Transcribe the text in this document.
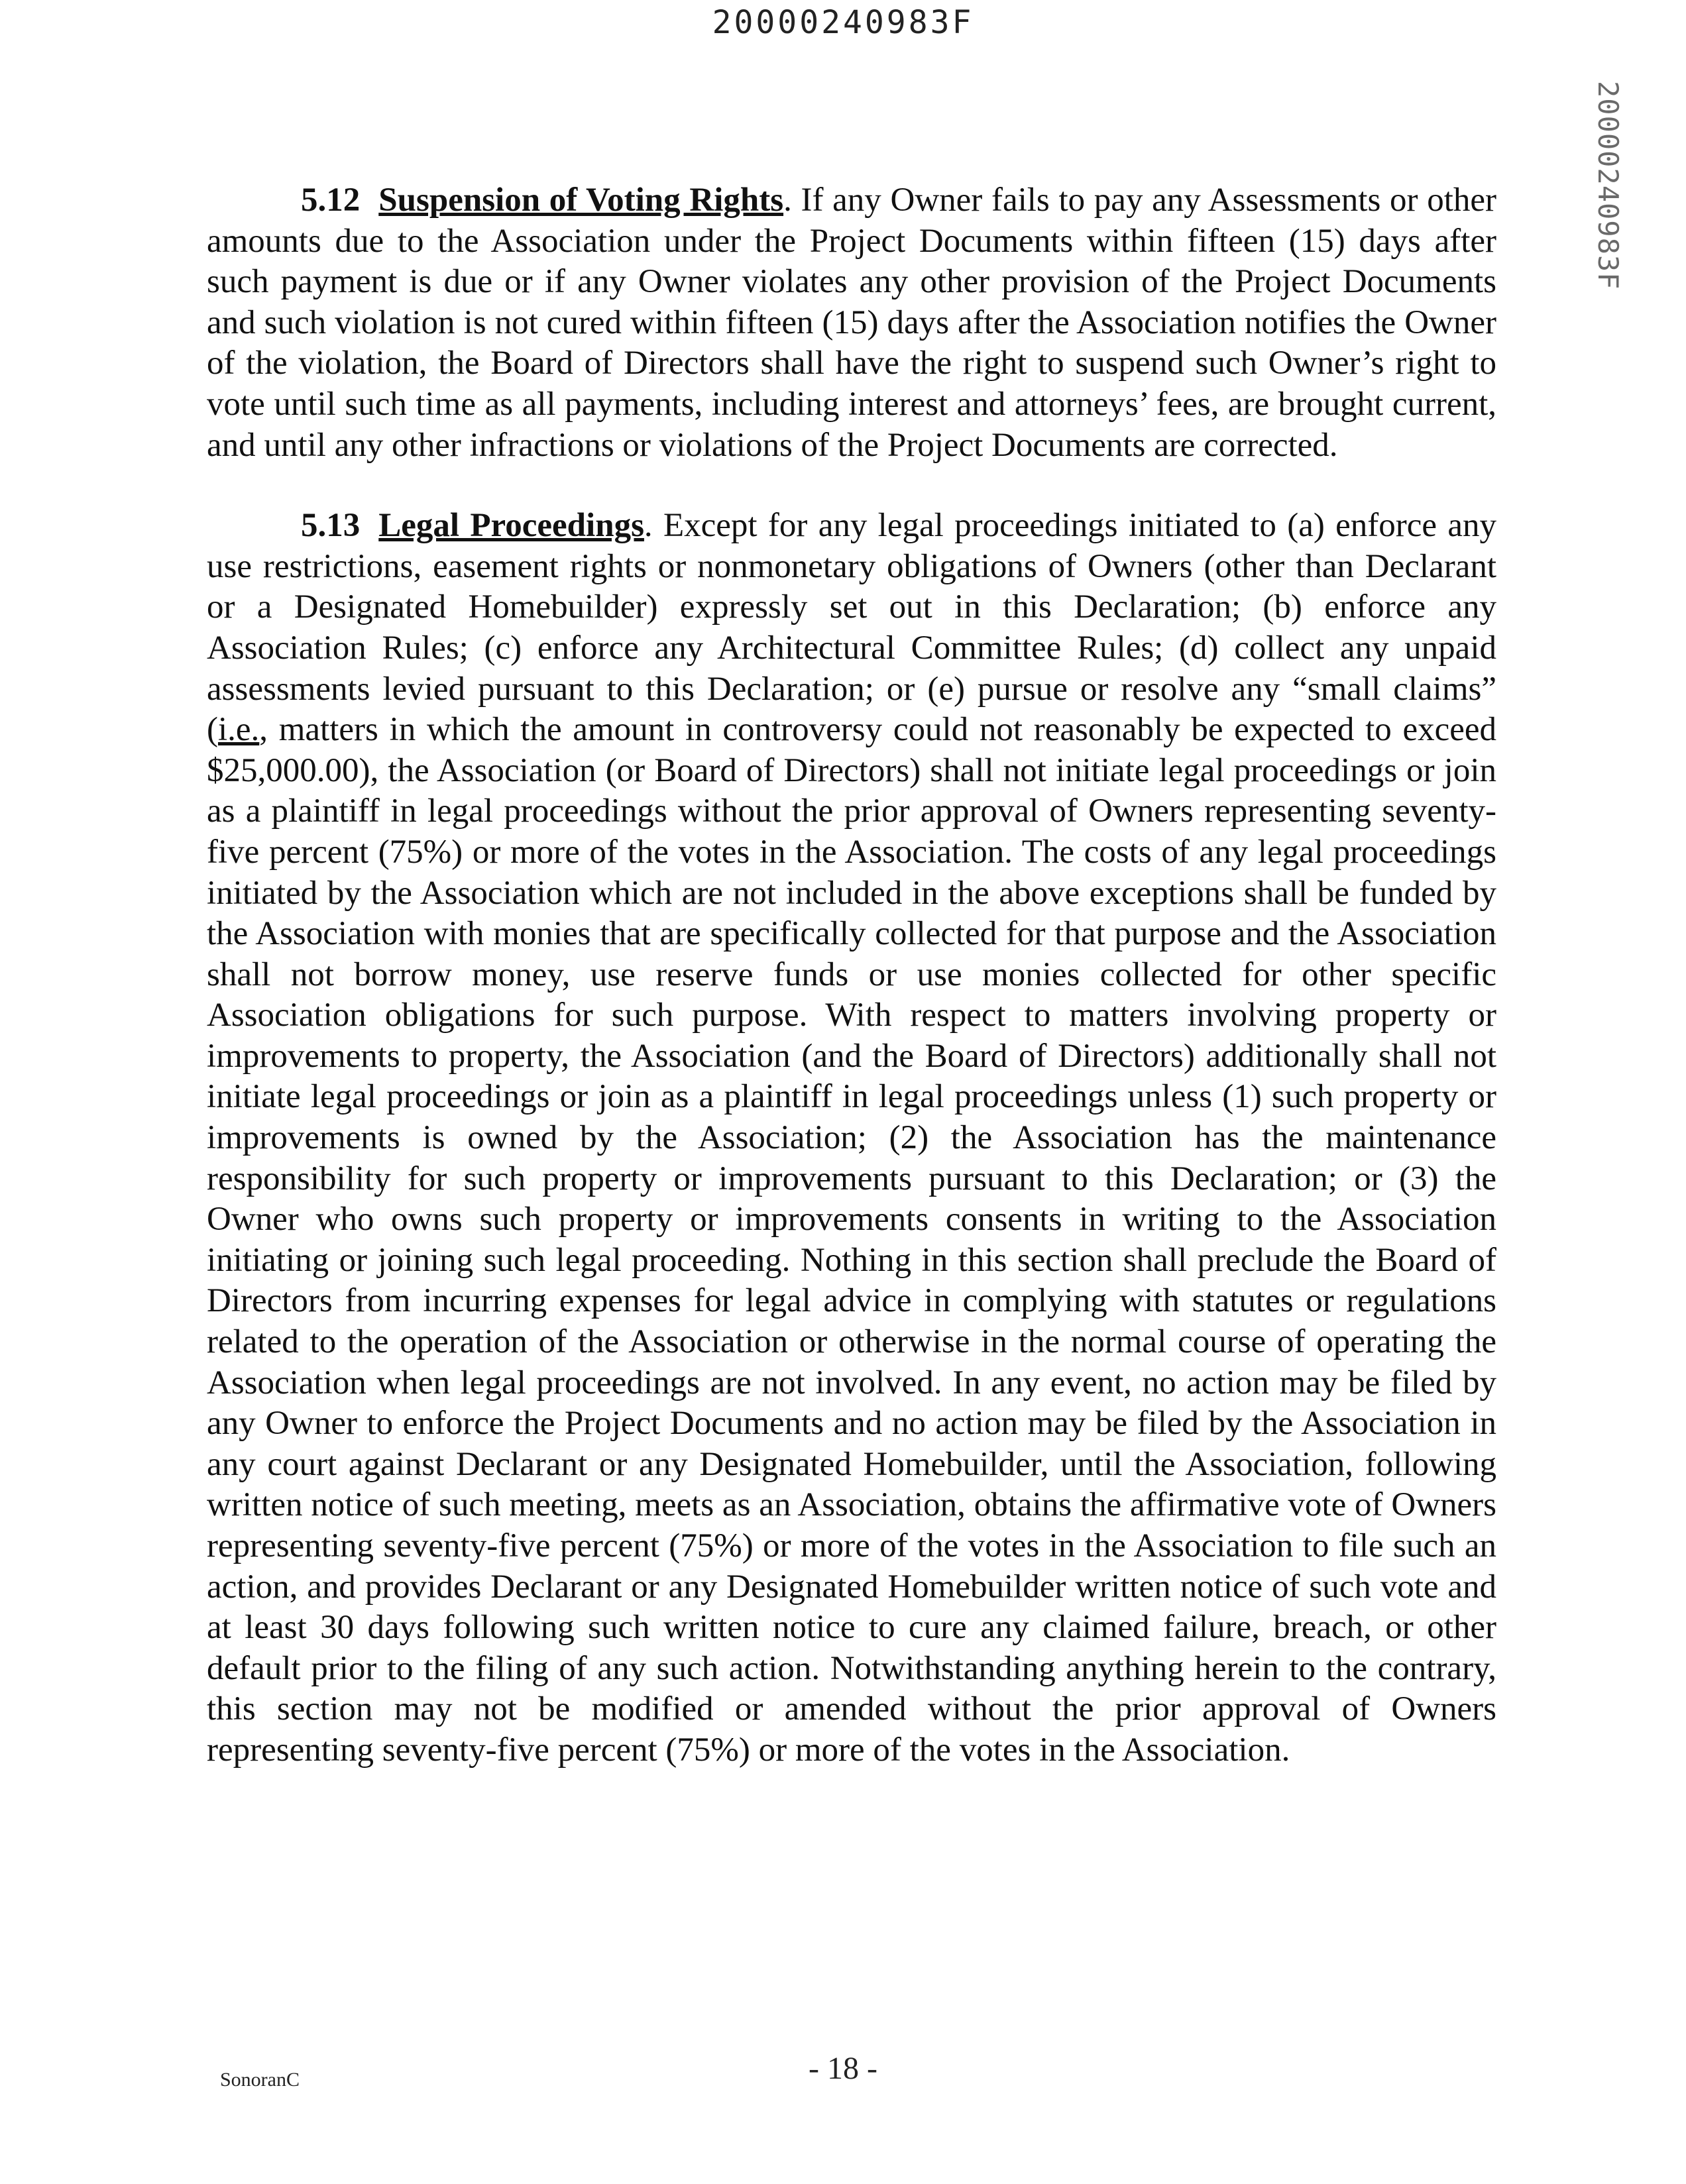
20000240983F
20000240983F

5.12 Suspension of Voting Rights. If any Owner fails to pay any Assessments or other amounts due to the Association under the Project Documents within fifteen (15) days after such payment is due or if any Owner violates any other provision of the Project Documents and such violation is not cured within fifteen (15) days after the Association notifies the Owner of the violation, the Board of Directors shall have the right to suspend such Owner’s right to vote until such time as all payments, including interest and attorneys’ fees, are brought current, and until any other infractions or violations of the Project Documents are corrected.

5.13 Legal Proceedings. Except for any legal proceedings initiated to (a) enforce any use restrictions, easement rights or nonmonetary obligations of Owners (other than Declarant or a Designated Homebuilder) expressly set out in this Declaration; (b) enforce any Association Rules; (c) enforce any Architectural Committee Rules; (d) collect any unpaid assessments levied pursuant to this Declaration; or (e) pursue or resolve any “small claims” (i.e., matters in which the amount in controversy could not reasonably be expected to exceed $25,000.00), the Association (or Board of Directors) shall not initiate legal proceedings or join as a plaintiff in legal proceedings without the prior approval of Owners representing seventy-five percent (75%) or more of the votes in the Association. The costs of any legal proceedings initiated by the Association which are not included in the above exceptions shall be funded by the Association with monies that are specifically collected for that purpose and the Association shall not borrow money, use reserve funds or use monies collected for other specific Association obligations for such purpose. With respect to matters involving property or improvements to property, the Association (and the Board of Directors) additionally shall not initiate legal proceedings or join as a plaintiff in legal proceedings unless (1) such property or improvements is owned by the Association; (2) the Association has the maintenance responsibility for such property or improvements pursuant to this Declaration; or (3) the Owner who owns such property or improvements consents in writing to the Association initiating or joining such legal proceeding. Nothing in this section shall preclude the Board of Directors from incurring expenses for legal advice in complying with statutes or regulations related to the operation of the Association or otherwise in the normal course of operating the Association when legal proceedings are not involved. In any event, no action may be filed by any Owner to enforce the Project Documents and no action may be filed by the Association in any court against Declarant or any Designated Homebuilder, until the Association, following written notice of such meeting, meets as an Association, obtains the affirmative vote of Owners representing seventy-five percent (75%) or more of the votes in the Association to file such an action, and provides Declarant or any Designated Homebuilder written notice of such vote and at least 30 days following such written notice to cure any claimed failure, breach, or other default prior to the filing of any such action. Notwithstanding anything herein to the contrary, this section may not be modified or amended without the prior approval of Owners representing seventy-five percent (75%) or more of the votes in the Association.

SonoranC	- 18 -
